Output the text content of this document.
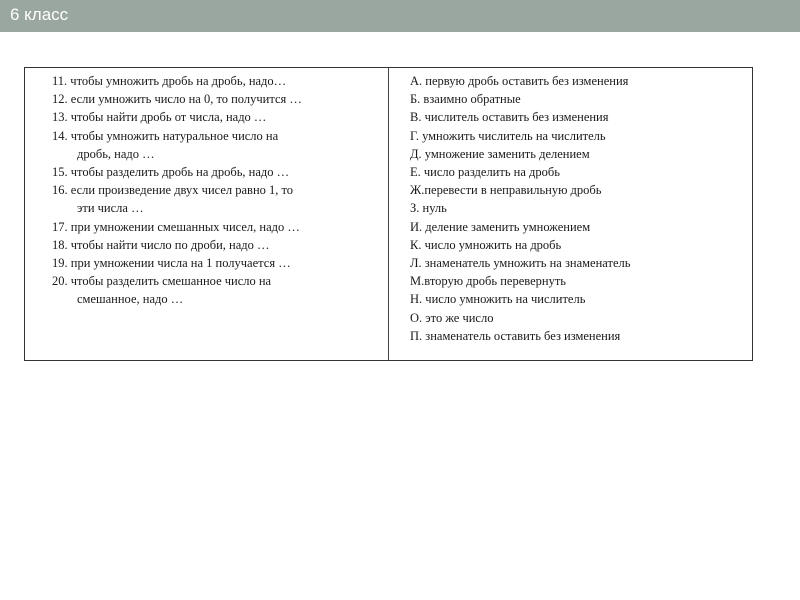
6 класс
11. чтобы умножить дробь на дробь, надо…
12. если умножить число на 0, то получится …
13. чтобы найти дробь от числа, надо …
14. чтобы умножить натуральное число на
дробь, надо …
15. чтобы разделить дробь на дробь, надо …
16. если произведение двух чисел равно 1, то
эти числа …
17. при умножении смешанных чисел, надо …
18. чтобы найти число по дроби, надо …
19. при умножении числа на 1 получается …
20. чтобы разделить смешанное число на
смешанное, надо …
А. первую дробь оставить без изменения
Б. взаимно обратные
В. числитель оставить без изменения
Г. умножить числитель на числитель
Д. умножение заменить делением
Е. число разделить на дробь
Ж.перевести в неправильную дробь
З. нуль
И. деление заменить умножением
К. число умножить на дробь
Л. знаменатель умножить на знаменатель
М.вторую дробь перевернуть
Н. число умножить на числитель
О. это же число
П. знаменатель оставить без изменения
